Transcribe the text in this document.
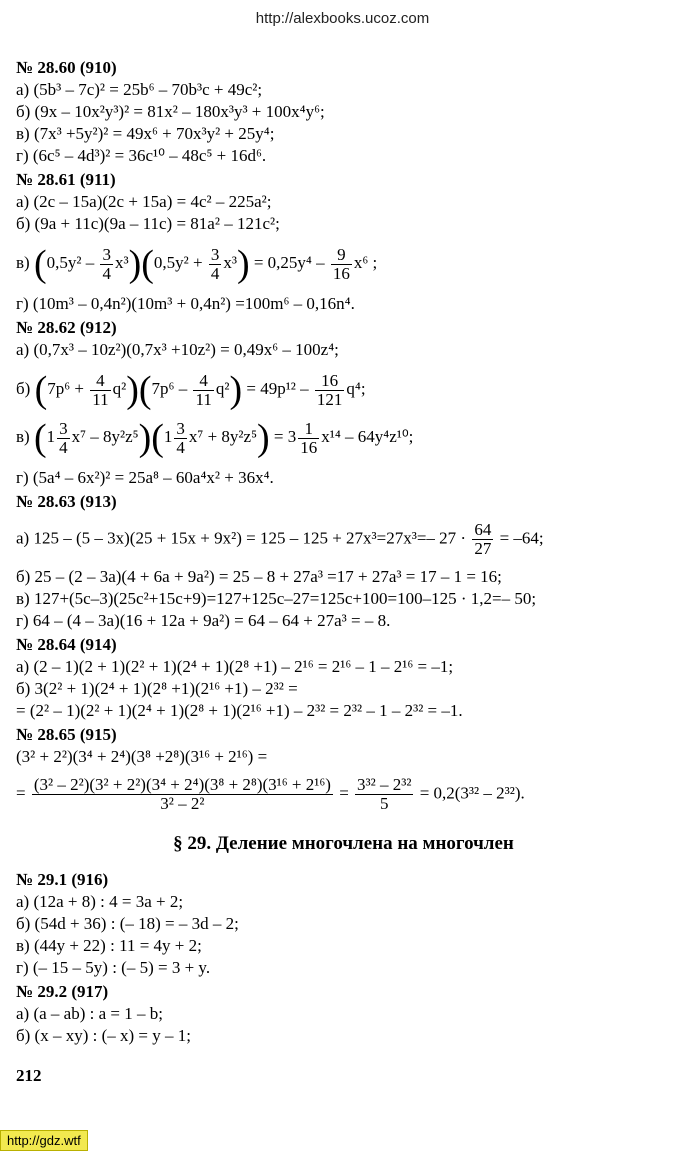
http://alexbooks.ucoz.com
№ 28.60 (910)
а) (5b³ – 7c)² = 25b⁶ – 70b³c + 49c²;
б) (9x – 10x²y³)² = 81x² – 180x³y³ + 100x⁴y⁶;
в) (7x³ +5y²)² = 49x⁶ + 70x³y² + 25y⁴;
г) (6c⁵ – 4d³)² = 36c¹⁰ – 48c⁵ + 16d⁶.
№ 28.61 (911)
а) (2c – 15a)(2c + 15a) = 4c² – 225a²;
б) (9a + 11c)(9a – 11c) = 81a² – 121c²;
в) $(0,5y^2 - \frac{3}{4} x^3)(0,5y^2 + \frac{3}{4} x^3) = 0,25y^4 - \frac{9}{16} x^6$ ;
г) (10m³ – 0,4n²)(10m³ + 0,4n²) =100m⁶ – 0,16n⁴.
№ 28.62 (912)
а) (0,7x³ – 10z²)(0,7x³ +10z²) = 0,49x⁶ – 100z⁴;
б) $(7p^6 + \frac{4}{11} q^2)(7p^6 - \frac{4}{11} q^2) = 49p^{12} - \frac{16}{121} q^4$;
в) $(1 \frac{3}{4} x^7 - 8y^2z^5)(1 \frac{3}{4} x^7 + 8y^2z^5) = 3 \frac{1}{16} x^{14} - 64y^4z^{10}$;
г) (5a⁴ – 6x²)² = 25a⁸ – 60a⁴x² + 36x⁴.
№ 28.63 (913)
а) 125 – (5 – 3x)(25 + 15x + 9x²) = 125 – 125 + 27x³=27x³=– $27 \cdot \frac{64}{27} = -64$;
б) 25 – (2 – 3a)(4 + 6a + 9a²) = 25 – 8 + 27a³ =17 + 27a³ = 17 – 1 = 16;
в) 127+(5c–3)(25c²+15c+9)=127+125c–27=125c+100=100–125 · 1,2=– 50;
г) 64 – (4 – 3a)(16 + 12a + 9a²) = 64 – 64 + 27a³ = – 8.
№ 28.64 (914)
а) (2 – 1)(2 + 1)(2² + 1)(2⁴ + 1)(2⁸ +1) – 2¹⁶ = 2¹⁶ – 1 – 2¹⁶ = –1;
б) 3(2² + 1)(2⁴ + 1)(2⁸ +1)(2¹⁶ +1) – 2³² =
= (2² – 1)(2² + 1)(2⁴ + 1)(2⁸ + 1)(2¹⁶ +1) – 2³² = 2³² – 1 – 2³² = –1.
№ 28.65 (915)
(3² + 2²)(3⁴ + 2⁴)(3⁸ +2⁸)(3¹⁶ + 2¹⁶) =
= $\frac{\text{(3² – 2²)(3² + 2²)(3⁴ + 2⁴)(3⁸ + 2⁸)(3¹⁶ + 2¹⁶)}}{\text{3² – 2²}} = \frac{\text{3³² – 2³²}}{5} = 0,2(3^{32} - 2^{32})$.
§ 29. Деление многочлена на многочлен
№ 29.1 (916)
а) (12a + 8) : 4 = 3a + 2;
б) (54d + 36) : (– 18) = – 3d – 2;
в) (44y + 22) : 11 = 4y + 2;
г) (– 15 – 5y) : (– 5) = 3 + y.
№ 29.2 (917)
а) (a – ab) : a = 1 – b;
б) (x – xy) : (– x) = y – 1;
212
http://gdz.wtf
